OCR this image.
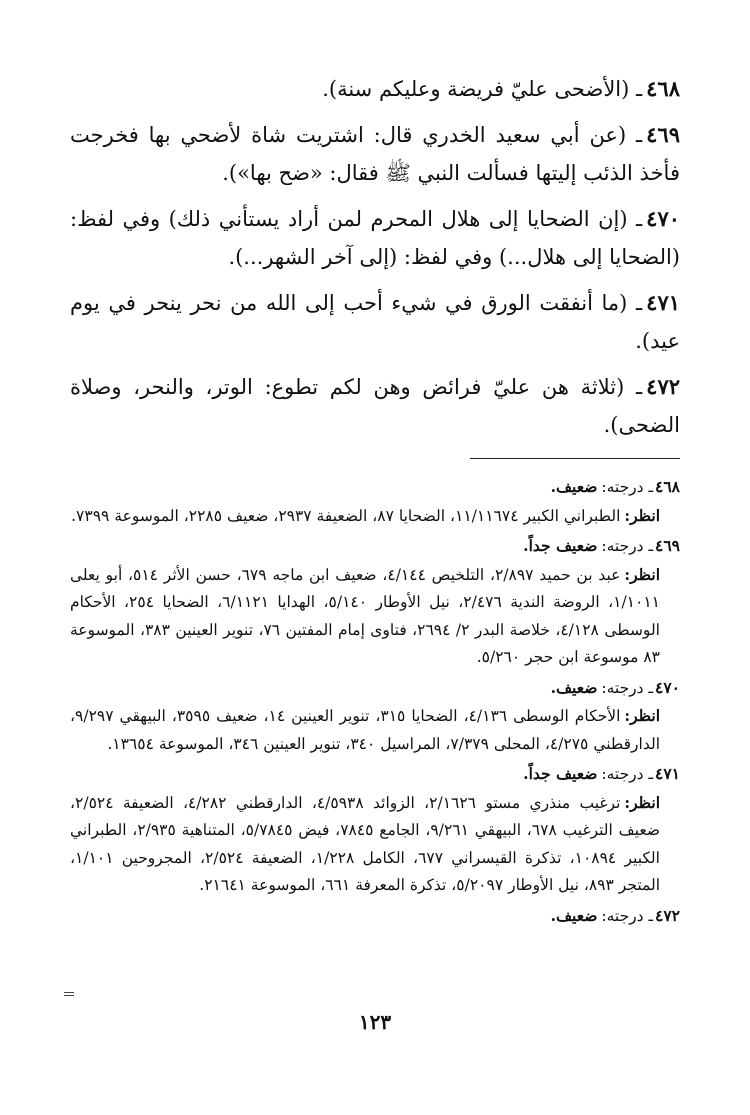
٤٦٨ـ (الأضحى عليّ فريضة وعليكم سنة).

٤٦٩ـ (عن أبي سعيد الخدري قال: اشتريت شاة لأضحي بها فخرجت فأخذ الذئب إليتها فسألت النبي ﷺ فقال: «ضح بها»).

٤٧٠ـ (إن الضحايا إلى هلال المحرم لمن أراد يستأني ذلك) وفي لفظ: (الضحايا إلى هلال...) وفي لفظ: (إلى آخر الشهر...).

٤٧١ـ (ما أنفقت الورق في شيء أحب إلى الله من نحر ينحر في يوم عيد).

٤٧٢ـ (ثلاثة هن عليّ فرائض وهن لكم تطوع: الوتر، والنحر، وصلاة الضحى).

٤٦٨ـ درجته:ضعيف.

انظر:الطبراني الكبير ١١/١١٦٧٤، الضحايا ٨٧، الضعيفة ٢٩٣٧، ضعيف ٢٢٨٥، الموسوعة ٧٣٩٩.

٤٦٩ـ درجته:ضعيف جداً.

انظر:عبد بن حميد ٢/٨٩٧، التلخيص ٤/١٤٤، ضعيف ابن ماجه ٦٧٩، حسن الأثر ٥١٤، أبو يعلى ١/١٠١١، الروضة الندية ٢/٤٧٦، نيل الأوطار ٥/١٤٠، الهدايا ٦/١١٢١، الضحايا ٢٥٤، الأحكام الوسطى ٤/١٢٨، خلاصة البدر ٢/ ٢٦٩٤، فتاوى إمام المفتين ٧٦، تنوير العينين ٣٨٣، الموسوعة ٨٣ موسوعة ابن حجر ٥/٢٦٠.

٤٧٠ـ درجته:ضعيف.

انظر:الأحكام الوسطى ٤/١٣٦، الضحايا ٣١٥، تنوير العينين ١٤، ضعيف ٣٥٩٥، البيهقي ٩/٢٩٧، الدارقطني ٤/٢٧٥، المحلى ٧/٣٧٩، المراسيل ٣٤٠، تنوير العينين ٣٤٦، الموسوعة ١٣٦٥٤.

٤٧١ـ درجته:ضعيف جداً.

انظر:ترغيب منذري مستو ٢/١٦٢٦، الزوائد ٤/٥٩٣٨، الدارقطني ٤/٢٨٢، الضعيفة ٢/٥٢٤، ضعيف الترغيب ٦٧٨، البيهقي ٩/٢٦١، الجامع ٧٨٤٥، فيض ٥/٧٨٤٥، المتناهية ٢/٩٣٥، الطبراني الكبير ١٠٨٩٤، تذكرة القيسراني ٦٧٧، الكامل ١/٢٢٨، الضعيفة ٢/٥٢٤، المجروحين ١/١٠١، المتجر ٨٩٣، نيل الأوطار ٥/٢٠٩٧، تذكرة المعرفة ٦٦١، الموسوعة ٢١٦٤١.

٤٧٢ـ درجته:ضعيف.

١٢٣
